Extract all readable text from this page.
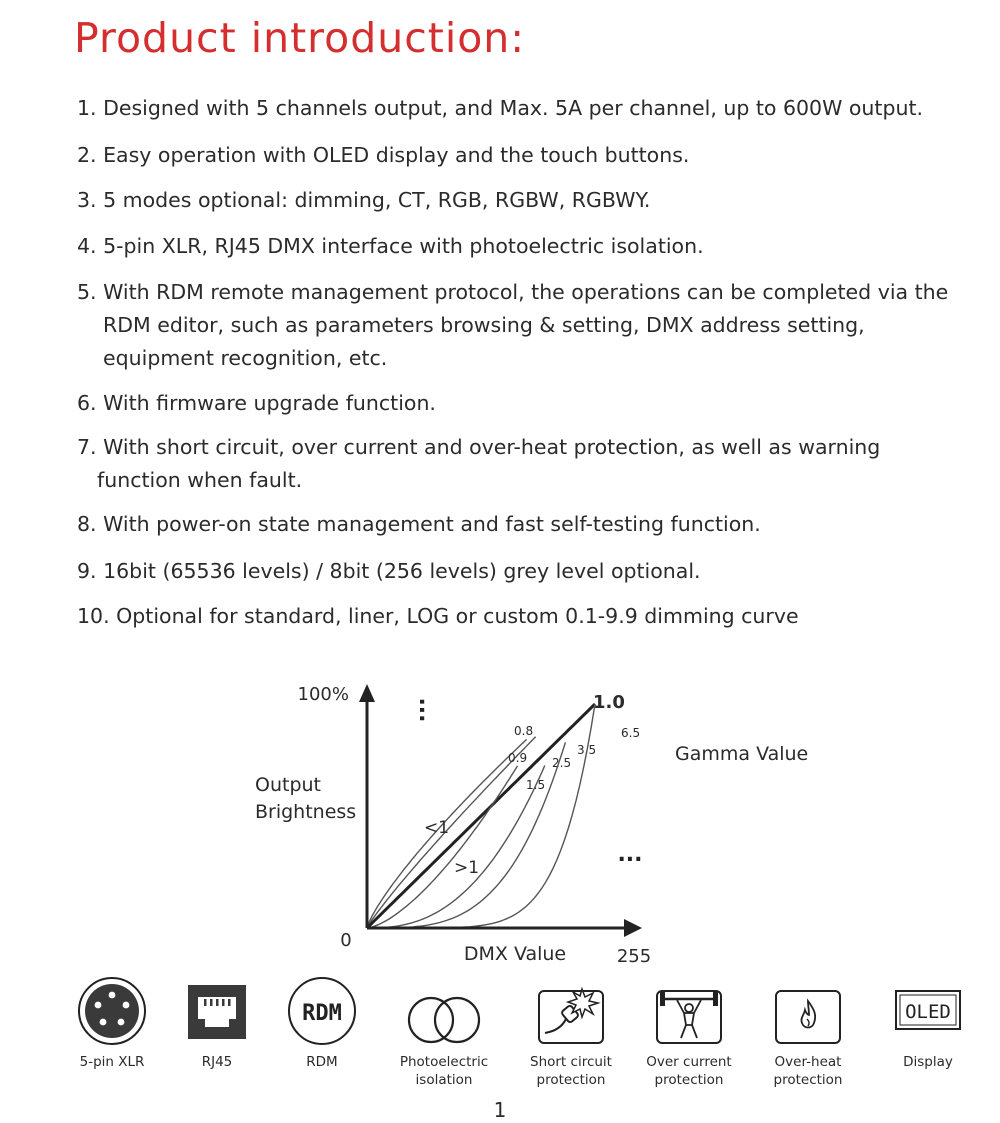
Product introduction:
1. Designed with 5 channels output, and Max. 5A per channel, up to 600W output.
2. Easy operation with OLED display and the touch buttons.
3. 5 modes optional: dimming, CT, RGB, RGBW, RGBWY.
4. 5-pin XLR, RJ45 DMX interface with photoelectric isolation.
5. With RDM remote management protocol, the operations can be completed via the
RDM editor, such as parameters browsing & setting, DMX address setting,
equipment recognition, etc.
6. With firmware upgrade function.
7. With short circuit, over current and over-heat protection, as well as warning
function when fault.
8. With power-on state management and fast self-testing function.
9. 16bit (65536 levels) / 8bit (256 levels) grey level optional.
10. Optional for standard, liner, LOG or custom 0.1-9.9 dimming curve
0.8
0.9
1.0
1.5
2.5
3.5
6.5
100%
Output
Brightness
0
255
DMX Value
Gamma Value
<1
>1
...
...
5-pin XLR	RJ45
RDM
RDM	Photoelectric
isolation
Short circuit
protection
Over current
protection
Over-heat
protection
OLED
Display
1
